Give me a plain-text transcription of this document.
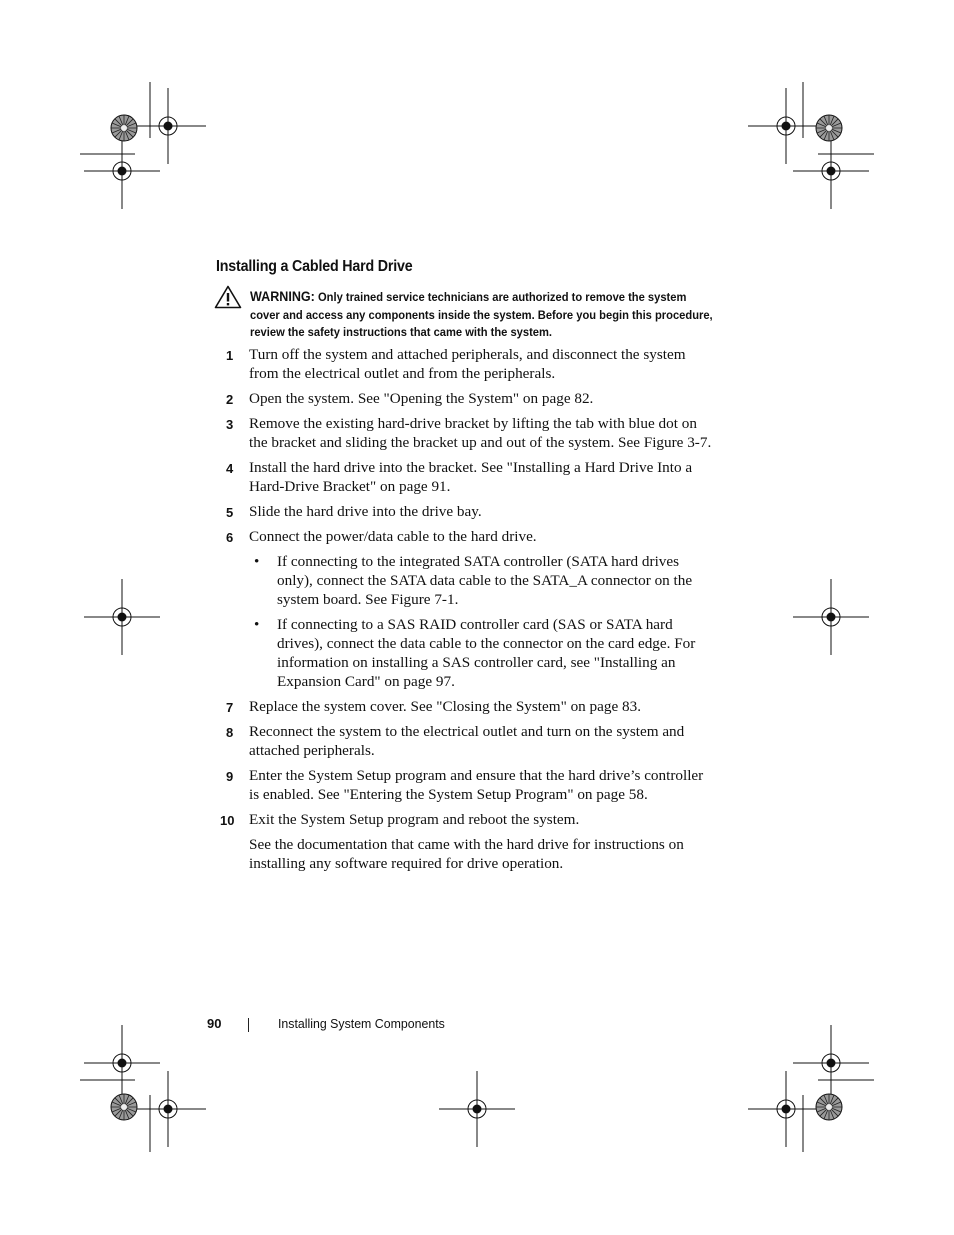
Installing a Cabled Hard Drive
WARNING: Only trained service technicians are authorized to remove the system cover and access any components inside the system. Before you begin this procedure, review the safety instructions that came with the system.
1 Turn off the system and attached peripherals, and disconnect the system from the electrical outlet and from the peripherals.
2 Open the system. See "Opening the System" on page 82.
3 Remove the existing hard-drive bracket by lifting the tab with blue dot on the bracket and sliding the bracket up and out of the system. See Figure 3-7.
4 Install the hard drive into the bracket. See "Installing a Hard Drive Into a Hard-Drive Bracket" on page 91.
5 Slide the hard drive into the drive bay.
6 Connect the power/data cable to the hard drive.
• If connecting to the integrated SATA controller (SATA hard drives only), connect the SATA data cable to the SATA_A connector on the system board. See Figure 7-1.
• If connecting to a SAS RAID controller card (SAS or SATA hard drives), connect the data cable to the connector on the card edge. For information on installing a SAS controller card, see "Installing an Expansion Card" on page 97.
7 Replace the system cover. See "Closing the System" on page 83.
8 Reconnect the system to the electrical outlet and turn on the system and attached peripherals.
9 Enter the System Setup program and ensure that the hard drive’s controller is enabled. See "Entering the System Setup Program" on page 58.
10 Exit the System Setup program and reboot the system.
See the documentation that came with the hard drive for instructions on installing any software required for drive operation.
90	Installing System Components
